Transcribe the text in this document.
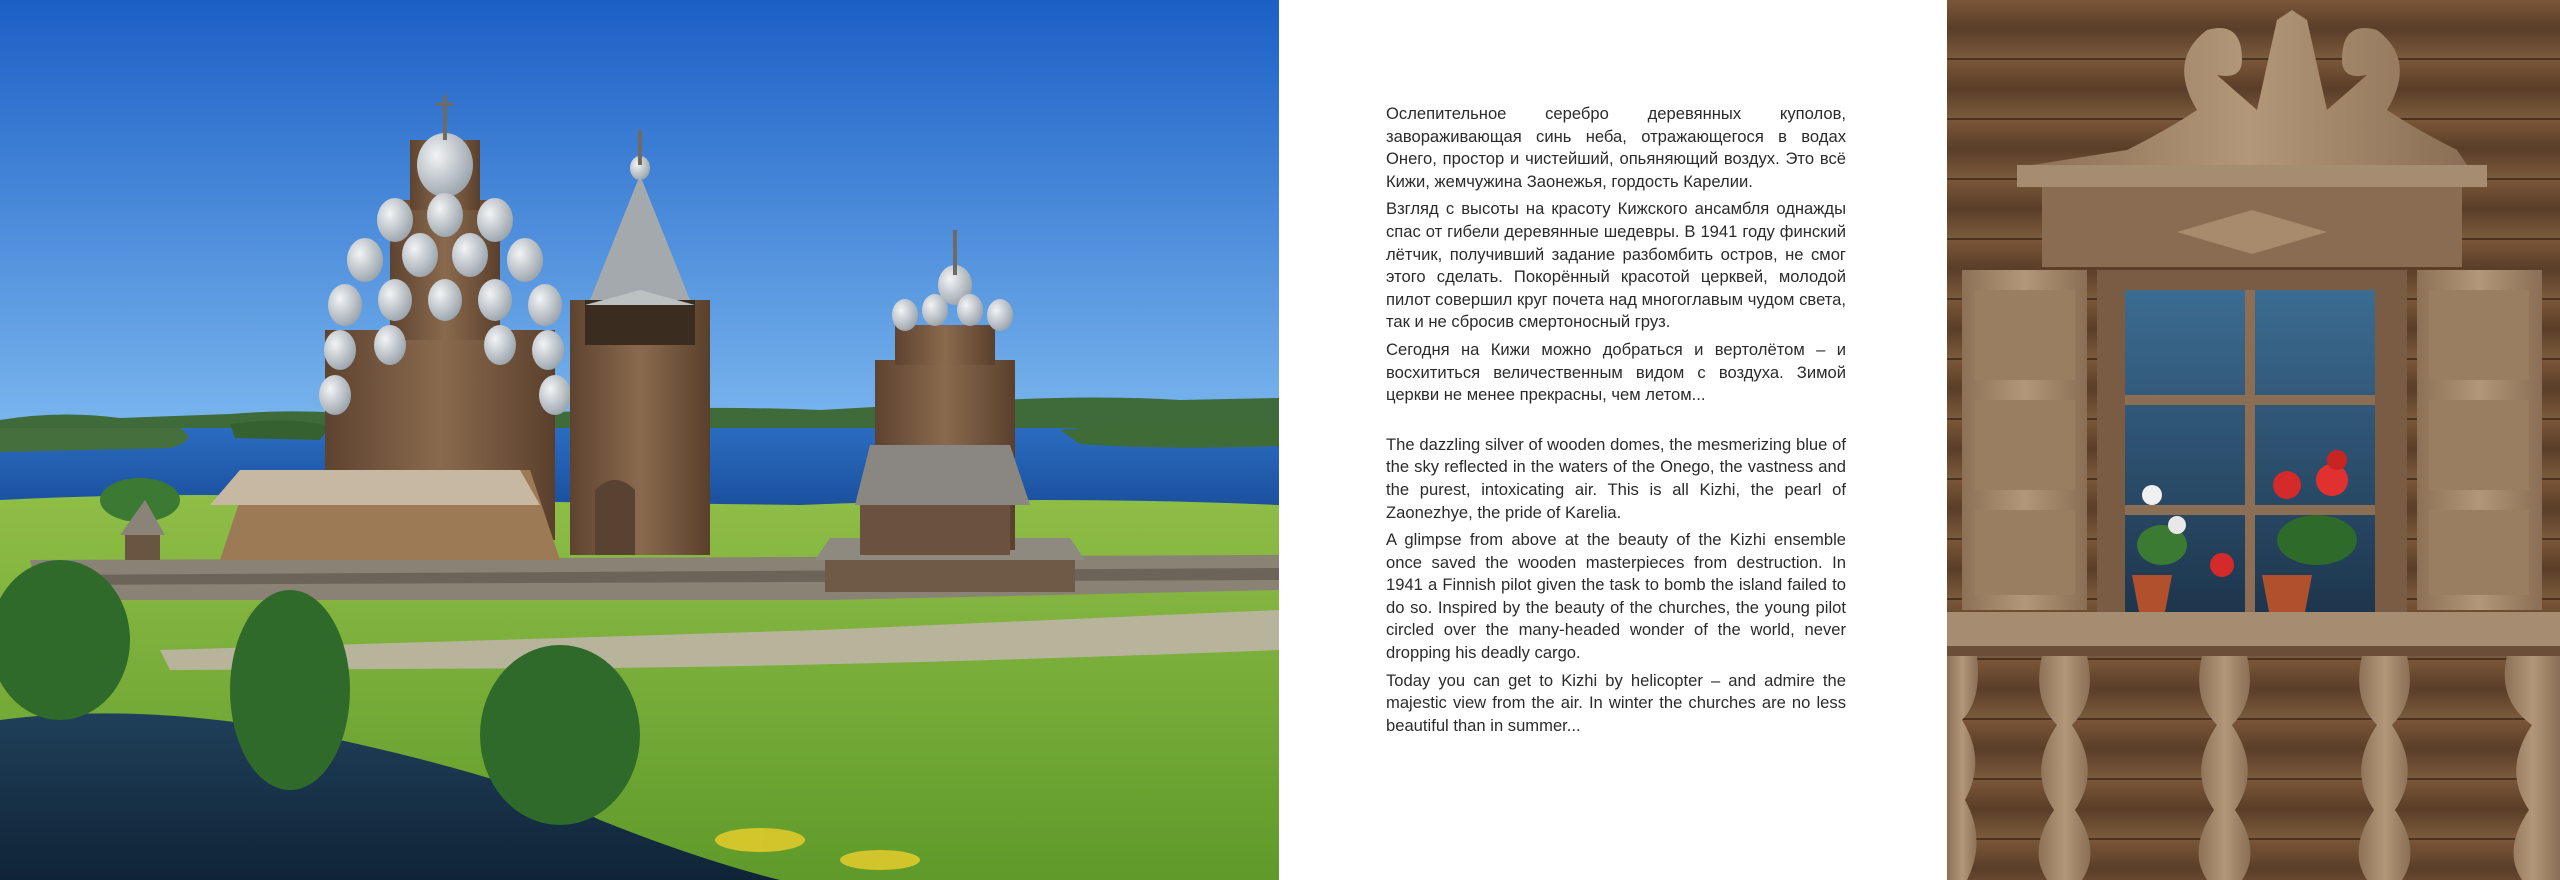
Ослепительное серебро деревянных куполов, завораживающая синь неба, отражающегося в водах Онего, простор и чистейший, опьяняющий воздух. Это всё Кижи, жемчужина Заонежья, гордость Карелии.

Взгляд с высоты на красоту Кижского ансамбля однажды спас от гибели деревянные шедевры. В 1941 году финский лётчик, получивший задание разбомбить остров, не смог этого сделать. Покорённый красотой церквей, молодой пилот совершил круг почета над многоглавым чудом света, так и не сбросив смертоносный груз.

Сегодня на Кижи можно добраться и вертолётом – и восхититься величественным видом с воздуха. Зимой церкви не менее прекрасны, чем летом...

The dazzling silver of wooden domes, the mesmerizing blue of the sky reflected in the waters of the Onego, the vastness and the purest, intoxicating air. This is all Kizhi, the pearl of Zaonezhye, the pride of Karelia.

A glimpse from above at the beauty of the Kizhi ensemble once saved the wooden masterpieces from destruction. In 1941 a Finnish pilot given the task to bomb the island failed to do so. Inspired by the beauty of the churches, the young pilot circled over the many-headed wonder of the world, never dropping his deadly cargo.

Today you can get to Kizhi by helicopter – and admire the majestic view from the air. In winter the churches are no less beautiful than in summer...
